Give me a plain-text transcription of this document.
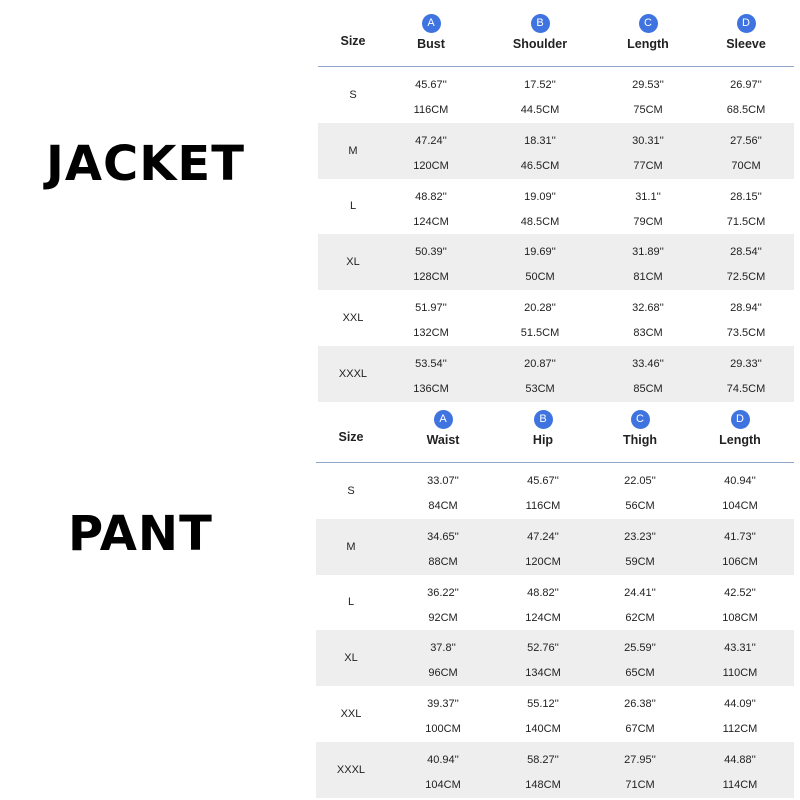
JACKET
PANT
Size
A
Bust
B
Shoulder
C
Length
D
Sleeve
S
45.67''
116CM
17.52''
44.5CM
29.53''
75CM
26.97''
68.5CM
M
47.24''
120CM
18.31''
46.5CM
30.31''
77CM
27.56''
70CM
L
48.82''
124CM
19.09''
48.5CM
31.1''
79CM
28.15''
71.5CM
XL
50.39''
128CM
19.69''
50CM
31.89''
81CM
28.54''
72.5CM
XXL
51.97''
132CM
20.28''
51.5CM
32.68''
83CM
28.94''
73.5CM
XXXL
53.54''
136CM
20.87''
53CM
33.46''
85CM
29.33''
74.5CM
Size
A
Waist
B
Hip
C
Thigh
D
Length
S
33.07''
84CM
45.67''
116CM
22.05''
56CM
40.94''
104CM
M
34.65''
88CM
47.24''
120CM
23.23''
59CM
41.73''
106CM
L
36.22''
92CM
48.82''
124CM
24.41''
62CM
42.52''
108CM
XL
37.8''
96CM
52.76''
134CM
25.59''
65CM
43.31''
110CM
XXL
39.37''
100CM
55.12''
140CM
26.38''
67CM
44.09''
112CM
XXXL
40.94''
104CM
58.27''
148CM
27.95''
71CM
44.88''
114CM
